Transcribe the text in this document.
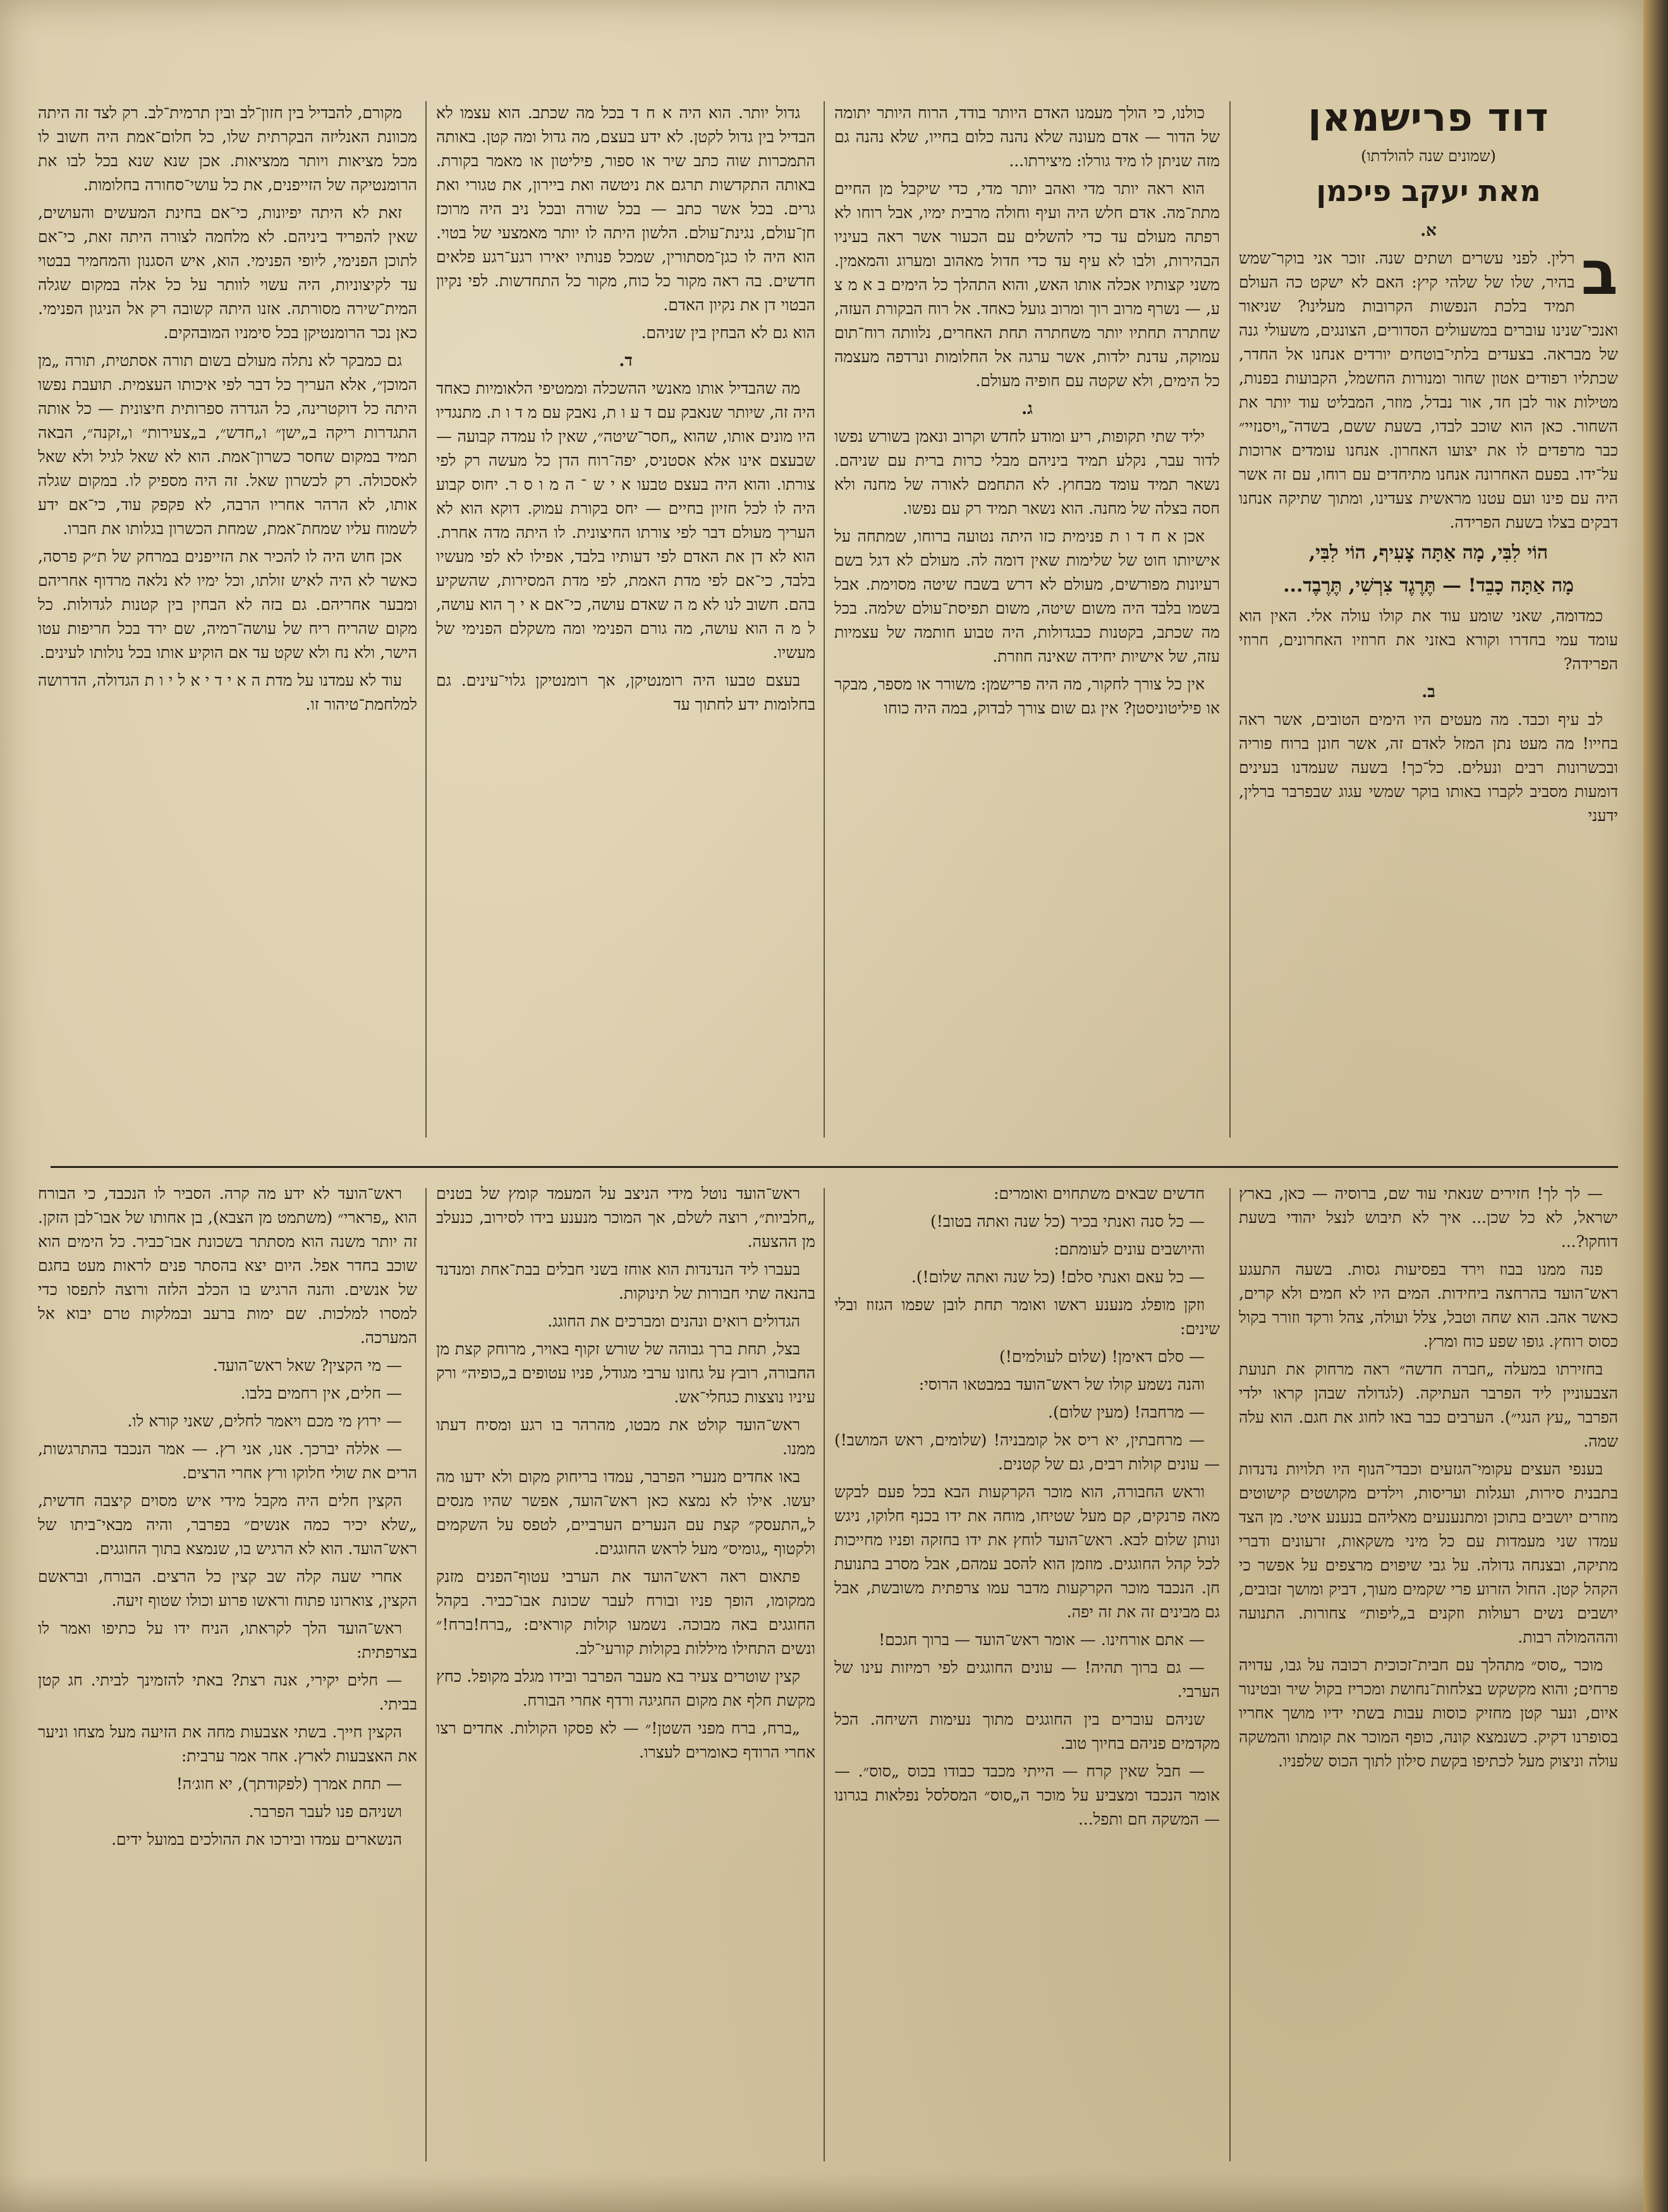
דוד פרישמאן
(שמונים שנה להולדתו)
מאת יעקב פיכמן

א.

ב
רלין. לפני עשרים ושתים שנה. זוכר אני בוקר־שמש בהיר, שלו של שלהי קיץ: האם לא ישקט כה העולם תמיד בלכת הנפשות הקרובות מעלינו? שניאור ואנכי־שנינו עוברים במשעולים הסדורים, הצונגים, משעולי גנה של מבראה. בצעדים בלתי־בוטחים יורדים אנחנו אל החדר, שכתליו רפודים אטון שחור ומנורות החשמל, הקבועות בפנות, מטילות אור לבן חד, אור נבדל, מוזר, המבליט עוד יותר את השחור. כאן הוא שוכב לבדו, בשעת ששם, בשדה־„ויסנזיי״ כבר מרפדים לו את יצועו האחרון. אנחנו עומדים ארוכות על־ידו. בפעם האחרונה אנחנו מתיחדים עם רוחו, עם זה אשר היה עם פינו ועם עטנו מראשית צעדינו, ומתוך שתיקה אנחנו דבקים בצלו בשעת הפרידה.

הוֹי לִבִּי, מָה אַתָּה צָעִיף, הוֹי לִבִּי,

מָה אַתָּה כָבֵד! — תֶּרֶגֶד צִרְשִׁי, תֶּרֶבֶד...

כמדומה, שאני שומע עוד את קולו עולה אלי. האין הוא עומד עמי בחדרו וקורא באזני את חרוזיו האחרונים, חרוזי הפרידה?

ב.

לב עיף וכבד. מה מעטים היו הימים הטובים, אשר ראה בחייו! מה מעט נתן המזל לאדם זה, אשר חונן ברוח פוריה ובכשרונות רבים ונעלים. כל־כך! בשעה שעמדנו בעינים דומעות מסביב לקברו באותו בוקר שמשי עגוג שבפרבר ברלין, ידעני

כולנו, כי הולך מעמנו האדם היותר בודד, הרוח היותר יתומה של הדור — אדם מעונה שלא נהנה כלום בחייו, שלא נהנה גם מזה שניתן לו מיד גורלו: מיצירתו...

הוא ראה יותר מדי ואהב יותר מדי, כדי שיקבל מן החיים מתת־מה. אדם חלש היה ועיף וחולה מרבית ימיו, אבל רוחו לא רפתה מעולם עד כדי להשלים עם הכעור אשר ראה בעיניו הבהירות, ולבו לא עיף עד כדי חדול מאהוב ומערוג והמאמין. משני קצותיו אכלה אותו האש, והוא התהלך כל הימים ב א מ צ ע, — נשרף מרוב רוך ומרוב גועל כאחד. אל רוח הבקורת העזה, שחתרה תחתיו יותר משחתרה תחת האחרים, נלוותה רוח־תום עמוקה, עדנת ילדות, אשר ערגה אל החלומות ונרדפה מעצמה כל הימים, ולא שקטה עם חופיה מעולם.

ג.

יליד שתי תקופות, ריע ומודע לחדש וקרוב ונאמן בשורש נפשו לדור עבר, נקלע תמיד ביניהם מבלי כרות ברית עם שניהם. נשאר תמיד עומד מבחוץ. לא התחמם לאורה של מחנה ולא חסה בצלה של מחנה. הוא נשאר תמיד רק עם נפשו.

אכן א ח ד ו ת פנימית כזו היתה נטועה ברוחו, שמתחה על אישיותו חוט של שלימות שאין דומה לה. מעולם לא דגל בשם רעיונות מפורשים, מעולם לא דרש בשבח שיטה מסוימת. אבל בשמו בלבד היה משום שיטה, משום תפיסת־עולם שלמה. בכל מה שכתב, בקטנות כבגדולות, היה טבוע חותמה של עצמיות עזה, של אישיות יחידה שאינה חוזרת.

אין כל צורך לחקור, מה היה פרישמן: משורר או מספר, מבקר או פיליטוניסטן? אין גם שום צורך לבדוק, במה היה כוחו

גדול יותר. הוא היה א ח ד בכל מה שכתב. הוא עצמו לא הבדיל בין גדול לקטן. לא ידע בעצם, מה גדול ומה קטן. באותה התמכרות שוה כתב שיר או ספור, פיליטון או מאמר בקורת. באותה התקדשות תרגם את ניטשה ואת ביירון, את טגורי ואת גרים. בכל אשר כתב — בכל שורה ובכל ניב היה מרוכז חן־עולם, נגינת־עולם. הלשון היתה לו יותר מאמצעי של בטוי. הוא היה לו כגן־מסתורין, שמכל פנותיו יאירו רגע־רגע פלאים חדשים. בה ראה מקור כל כוח, מקור כל התחדשות. לפי נקיון הבטוי דן את נקיון האדם.

הוא גם לא הבחין בין שניהם.

ד.

מה שהבדיל אותו מאנשי ההשכלה וממטיפי הלאומיות כאחד היה זה, שיותר שנאבק עם ד ע ו ת, נאבק עם מ ד ו ת. מתנגדיו היו מונים אותו, שהוא „חסר־שיטה״, שאין לו עמדה קבועה — שבעצם אינו אלא אסטניס, יפה־רוח הדן כל מעשה רק לפי צורתו. והוא היה בעצם טבעו א י ש ־ ה מ ו ס ר. יחוס קבוע היה לו לכל חזיון בחיים — יחס בקורת עמוק. דוקא הוא לא העריך מעולם דבר לפי צורתו החיצונית. לו היתה מדה אחרת. הוא לא דן את האדם לפי דעותיו בלבד, אפילו לא לפי מעשיו בלבד, כי־אם לפי מדת האמת, לפי מדת המסירות, שהשקיע בהם. חשוב לנו לא מ ה שאדם עושה, כי־אם א י ך הוא עושה, ל מ ה הוא עושה, מה גורם הפנימי ומה משקלם הפנימי של מעשיו.

בעצם טבעו היה רומנטיקן, אך רומנטיקן גלוי־עינים. גם בחלומות ידע לחתוך עד

מקורם, להבדיל בין חזון־לב ובין תרמית־לב. רק לצד זה היתה מכוונת האנליזה הבקרתית שלו, כל חלום־אמת היה חשוב לו מכל מציאות ויותר ממציאות. אכן שנא שנא בכל לבו את הרומנטיקה של הזייפנים, את כל עושי־סחורה בחלומות.

זאת לא היתה יפיונות, כי־אם בחינת המעשים והעושים, שאין להפריד ביניהם. לא מלחמה לצורה היתה זאת, כי־אם לתוכן הפנימי, ליופי הפנימי. הוא, איש הסגנון והמחמיר בבטוי עד לקיצוניות, היה עשוי לוותר על כל אלה במקום שגלה המית־שירה מסורתה. אזנו היתה קשובה רק אל הניגון הפנימי. כאן נכר הרומנטיקן בכל סימניו המובהקים.

גם כמבקר לא נתלה מעולם בשום תורה אסתטית, תורה „מן המוכן״, אלא העריך כל דבר לפי איכותו העצמית. תועבת נפשו היתה כל דוקטרינה, כל הגדרה ספרותית חיצונית — כל אותה התגדרות ריקה ב„ישן״ ו„חדש״, ב„צעירות״ ו„זקנה״, הבאה תמיד במקום שחסר כשרון־אמת. הוא לא שאל לגיל ולא שאל לאסכולה. רק לכשרון שאל. זה היה מספיק לו. במקום שגלה אותו, לא הרהר אחריו הרבה, לא פקפק עוד, כי־אם ידע לשמוח עליו שמחת־אמת, שמחת הכשרון בגלותו את חברו.

אכן חוש היה לו להכיר את הזייפנים במרחק של ת״ק פרסה, כאשר לא היה לאיש זולתו, וכל ימיו לא נלאה מרדוף אחריהם ומבער אחריהם. גם בזה לא הבחין בין קטנות לגדולות. כל מקום שהריח ריח של עושה־רמיה, שם ירד בכל חריפות עטו הישר, ולא נח ולא שקט עד אם הוקיע אותו בכל נולותו לעינים.

עוד לא עמדנו על מדת ה א י ד י א ל י ו ת הגדולה, הדרושה למלחמת־טיהור זו.

— לך לך! חזירים שנאתי עוד שם, ברוסיה — כאן, בארץ ישראל, לא כל שכן... איך לא תיבוש לנצל יהודי בשעת דוחקו?...

פנה ממנו בבוז וירד בפסיעות גסות. בשעה התעגע ראש־הועד בהרחצה ביחידות. המים היו לא חמים ולא קרים, כאשר אהב. הוא שחה וטבל, צלל ועולה, צהל ורקד וזורר בקול כסוס רוחץ. גופו שפע כוח ומרץ.

בחזירתו במעלה „חברה חדשה״ ראה מרחוק את תנועת הצבעוניין ליד הפרבר העתיקה. (לגדולה שבהן קראו ילדי הפרבר „עץ הנגי״). הערבים כבר באו לחוג את חגם. הוא עלה שמה.

בענפי העצים עקומי־הגזעים וכבדי־הנוף היו תלויות נדנדות בתבנית סירות, ועגלות ועריסות, וילדים מקושטים קישוטים מוזרים יושבים בתוכן ומתנענעים מאליהם בנענע איטי. מן הצד עמדו שני מעמדות עם כל מיני משקאות, זרעונים ודברי מתיקה, ובצנחה גדולה. על גבי שיפוים מרצפים על אפשר כי הקהל קטן. החול הזרוע פרי שקמים מעוך, דביק ומושך זבובים, יושבים נשים רעולות וזקנים ב„ליפות״ צחורות. התנועה והההמולה רבות.

מוכר „סוס״ מתהלך עם חבית־זכוכית רכובה על גבו, עדויה פרחים; והוא מקשקש בצלחות־נחושת ומכריז בקול שיר ובטינור איום, ונער קטן מחזיק כוסות עבות בשתי ידיו מושך אחריו בסופרנו דקיק. כשנמצא קונה, כופף המוכר את קומתו והמשקה עולה וניצוק מעל לכתיפו בקשת סילון לתוך הכוס שלפניו.

חדשים שבאים משתחוים ואומרים:

— כל סנה ואנתי בכיר (כל שנה ואתה בטוב!)

והיושבים עונים לעומתם:

— כל עאם ואנתי סלם! (כל שנה ואתה שלום!).

וזקן מופלג מנענע ראשו ואומר תחת לובן שפמו הגזוז ובלי שינים:

— סלם דאימן! (שלום לעולמים!)

והנה נשמע קולו של ראש־הועד במבטאו הרוסי:

— מרחבה! (מעין שלום).

— מרחבתין, יא ריס אל קומבניה! (שלומים, ראש המושב!) — עונים קולות רבים, גם של קטנים.

וראש החבורה, הוא מוכר הקרקעות הבא בכל פעם לבקש מאה פרנקים, קם מעל שטיחו, מוחה את ידו בכנף חלוקו, ניגש ונותן שלום לבא. ראש־הועד לוחץ את ידו בחזקה ופניו מחייכות לכל קהל החוגגים. מוזמן הוא להסב עמהם, אבל מסרב בתנועת חן. הנכבד מוכר הקרקעות מדבר עמו צרפתית משובשת, אבל גם מבינים זה את זה יפה.

— אתם אורחינו. — אומר ראש־הועד — ברוך חגכם!

— גם ברוך תהיה! — עונים החוגגים לפי רמיזות עינו של הערבי.

שניהם עוברים בין החוגגים מתוך נעימות השיחה. הכל מקדמים פניהם בחיוך טוב.

— חבל שאין קרח — הייתי מכבד כבודו בכוס „סוס״. — אומר הנכבד ומצביע על מוכר ה„סוס״ המסלסל נפלאות בגרונו — המשקה חם ותפל...

ראש־הועד נוטל מידי הניצב על המעמד קומץ של בטנים „חלביות״, רוצה לשלם, אך המוכר מנענע בידו לסירוב, כנעלב מן ההצעה.

בעברו ליד הנדנדות הוא אוחז בשני חבלים בבת־אחת ומנדנד בהנאה שתי חבורות של תינוקות.

הגדולים רואים ונהנים ומברכים את החוגג.

בצל, תחת ברך גבוהה של שורש זקוף באויר, מרוחק קצת מן החבורה, רובץ על גחונו ערבי מגודל, פניו עטופים ב„כופיה״ ורק עיניו נוצצות כגחלי־אש.

ראש־הועד קולט את מבטו, מהרהר בו רגע ומסיח דעתו ממנו.

באו אחדים מנערי הפרבר, עמדו בריחוק מקום ולא ידעו מה יעשו. אילו לא נמצא כאן ראש־הועד, אפשר שהיו מנסים ל„התעסק״ קצת עם הנערים הערביים, לטפס על השקמים ולקטוף „גומיס״ מעל לראש החוגגים.

פתאום ראה ראש־הועד את הערבי עטוף־הפנים מזנק ממקומו, הופך פניו ובורח לעבר שכונת אבו־כביר. בקהל החוגגים באה מבוכה. נשמעו קולות קוראים: „ברח!ברח!״ ונשים התחילו מיללות בקולות קורעי־לב.

קצין שוטרים צעיר בא מעבר הפרבר ובידו מגלב מקופל. כחץ מקשת חלף את מקום החגיגה ורדף אחרי הבורח.

„ברח, ברח מפני השטן!״ — לא פסקו הקולות. אחדים רצו אחרי הרודף כאומרים לעצרו.

ראש־הועד לא ידע מה קרה. הסביר לו הנכבד, כי הבורח הוא „פרארי״ (משתמט מן הצבא), בן אחותו של אבו־לבן הזקן. זה יותר משנה הוא מסתתר בשכונת אבו־כביר. כל הימים הוא שוכב בחדר אפל. היום יצא בהסתר פנים לראות מעט בחגם של אנשים. והנה הרגיש בו הכלב הלזה ורוצה לתפסו כדי למסרו למלכות. שם ימות ברעב ובמלקות טרם יבוא אל המערכה.

— מי הקצין? שאל ראש־הועד.

— חלים, אין רחמים בלבו.

— ירוץ מי מכם ויאמר לחלים, שאני קורא לו.

— אללה יברכך. אנו, אני רץ. — אמר הנכבד בהתרגשות, הרים את שולי חלוקו ורץ אחרי הרצים.

הקצין חלים היה מקבל מידי איש מסוים קיצבה חדשית, „שלא יכיר כמה אנשים״ בפרבר, והיה מבאי־ביתו של ראש־הועד. הוא לא הרגיש בו, שנמצא בתוך החוגגים.

אחרי שעה קלה שב קצין כל הרצים. הבורח, ובראשם הקצין, צוארונו פתוח וראשו פרוע וכולו שטוף זיעה.

ראש־הועד הלך לקראתו, הניח ידו על כתיפו ואמר לו בצרפתית:

— חלים יקירי, אנה רצת? באתי להזמינך לביתי. חג קטן בביתי.

הקצין חייך. בשתי אצבעות מחה את הזיעה מעל מצחו וניער את האצבעות לארץ. אחר אמר ערבית:

— תחת אמרך (לפקודתך), יא חוג׳ה!

ושניהם פנו לעבר הפרבר.

הנשארים עמדו ובירכו את ההולכים במועל ידים.
